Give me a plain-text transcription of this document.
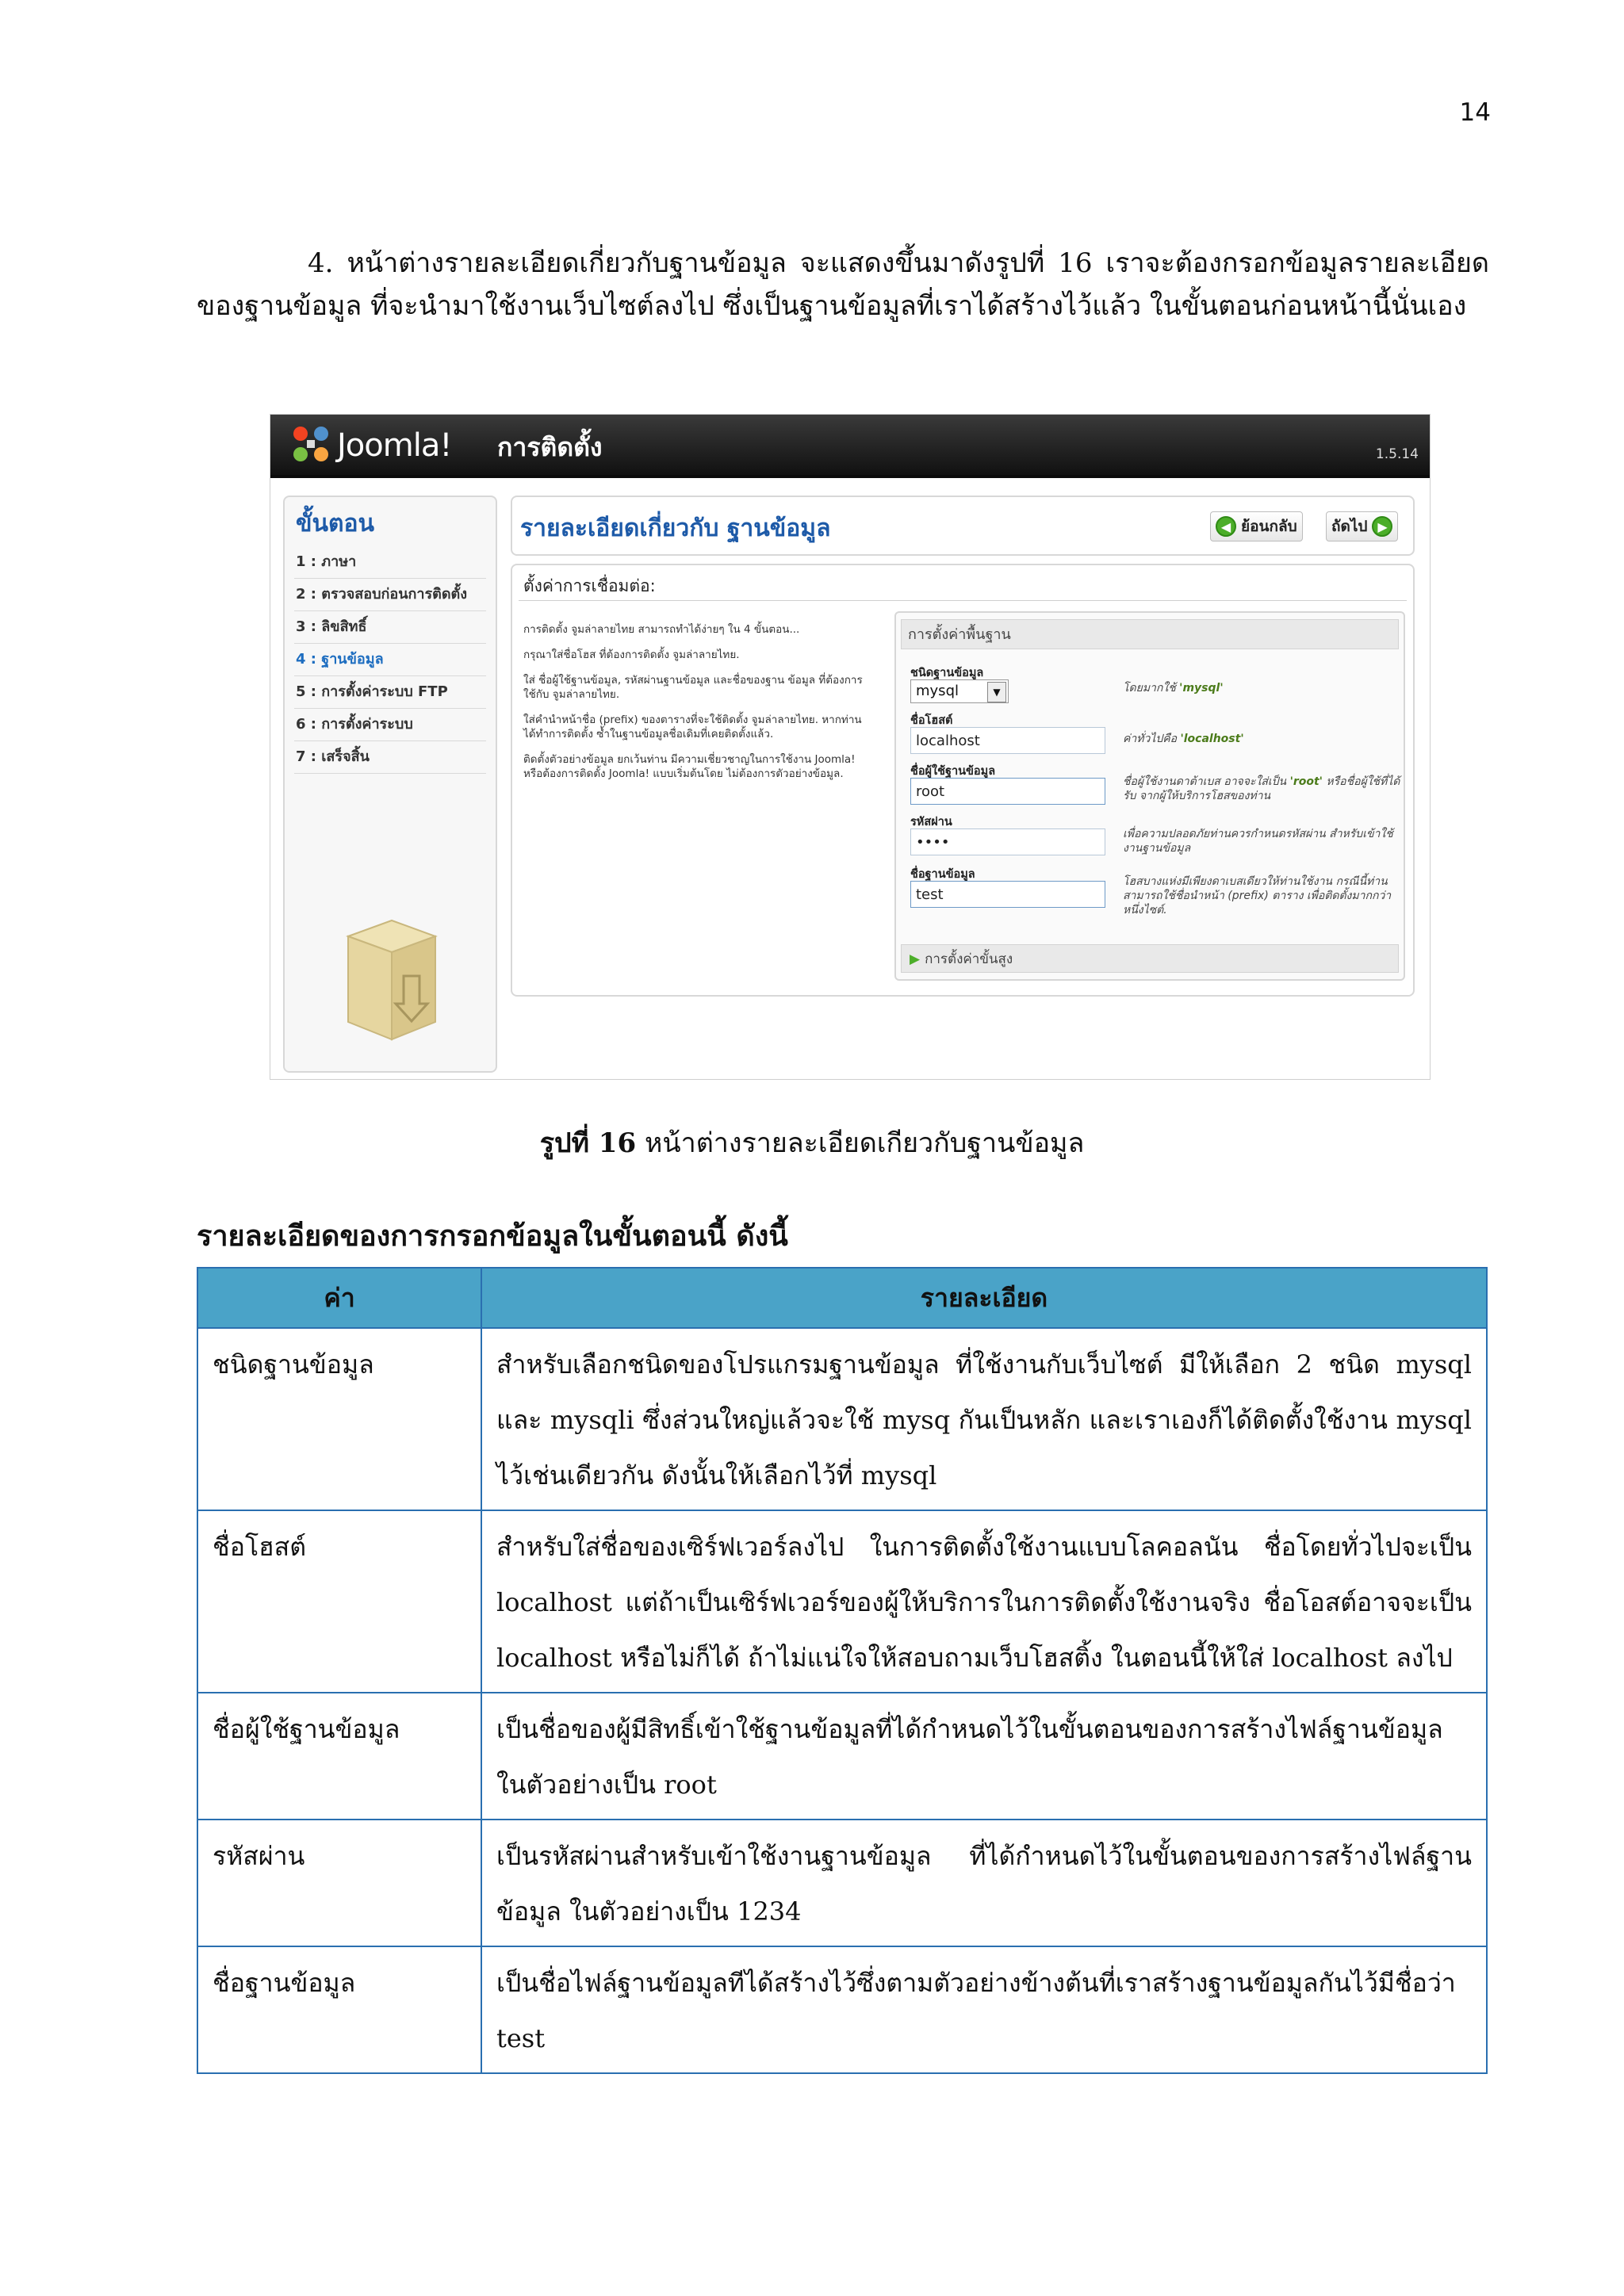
14

4. หน้าต่างรายละเอียดเกี่ยวกับฐานข้อมูล จะแสดงขึ้นมาดังรูปที่ 16 เราจะต้องกรอกข้อมูลรายละเอียดของฐานข้อมูล ที่จะนำมาใช้งานเว็บไซต์ลงไป ซึ่งเป็นฐานข้อมูลที่เราได้สร้างไว้แล้ว ในขั้นตอนก่อนหน้านี้นั่นเอง

Joomla! การติดตั้ง	1.5.14
ขั้นตอน
1 : ภาษา
2 : ตรวจสอบก่อนการติดตั้ง
3 : ลิขสิทธิ์
4 : ฐานข้อมูล
5 : การตั้งค่าระบบ FTP
6 : การตั้งค่าระบบ
7 : เสร็จสิ้น
รายละเอียดเกี่ยวกับ ฐานข้อมูล	◀ ย้อนกลับ ถัดไป ▶
ตั้งค่าการเชื่อมต่อ:

การติดตั้ง จูมล่าลายไทย สามารถทำได้ง่ายๆ ใน 4 ขั้นตอน...

กรุณาใส่ชื่อโฮส ที่ต้องการติดตั้ง จูมล่าลายไทย.

ใส่ ชื่อผู้ใช้ฐานข้อมูล, รหัสผ่านฐานข้อมูล และชื่อของฐาน ข้อมูล ที่ต้องการใช้กับ จูมล่าลายไทย.

ใส่คำนำหน้าชื่อ (prefix) ของตารางที่จะใช้ติดตั้ง จูมล่าลายไทย. หากท่านได้ทำการติดตั้ง ซ้ำในฐานข้อมูลชื่อเดิมที่เคยติดตั้งแล้ว.

ติดตั้งตัวอย่างข้อมูล ยกเว้นท่าน มีความเชี่ยวชาญในการใช้งาน Joomla! หรือต้องการติดตั้ง Joomla! แบบเริ่มต้นโดย ไม่ต้องการตัวอย่างข้อมูล.

การตั้งค่าพื้นฐาน
ชนิดฐานข้อมูล
mysql	▼	โดยมากใช้ 'mysql'
ชื่อโฮสต์
localhost	ค่าทั่วไปคือ 'localhost'
ชื่อผู้ใช้ฐานข้อมูล
root
ชื่อผู้ใช้งานดาต้าเบส อาจจะใส่เป็น 'root' หรือชื่อผู้ใช้ที่ได้รับ จากผู้ให้บริการโฮสของท่าน
รหัสผ่าน
••••	เพื่อความปลอดภัยท่านควรกำหนดรหัสผ่าน สำหรับเข้าใช้งานฐานข้อมูล
ชื่อฐานข้อมูล
test
โฮสบางแห่งมีเพียงดาเบสเดียวให้ท่านใช้งาน กรณีนี้ท่านสามารถใช้ชื่อนำหน้า (prefix) ตาราง เพื่อติดตั้งมากกว่าหนึ่งไซต์.
▶ การตั้งค่าขั้นสูง
รูปที่ 16 หน้าต่างรายละเอียดเกียวกับฐานข้อมูล
รายละเอียดของการกรอกข้อมูลในขั้นตอนนี้ ดังนี้
ค่า	รายละเอียด
ชนิดฐานข้อมูล	สำหรับเลือกชนิดของโปรแกรมฐานข้อมูล ที่ใช้งานกับเว็บไซต์ มีให้เลือก 2 ชนิด mysql และ mysqli ซึ่งส่วนใหญ่แล้วจะใช้ mysq กันเป็นหลัก และเราเองก็ได้ติดตั้งใช้งาน mysql ไว้เช่นเดียวกัน ดังนั้นให้เลือกไว้ที่ mysql
ชื่อโฮสต์	สำหรับใส่ชื่อของเซิร์ฟเวอร์ลงไป ในการติดตั้งใช้งานแบบโลคอลนัน ชื่อโดยทั่วไปจะเป็น localhost แต่ถ้าเป็นเซิร์ฟเวอร์ของผู้ให้บริการในการติดตั้งใช้งานจริง ชื่อโอสต์อาจจะเป็น localhost หรือไม่ก็ได้ ถ้าไม่แน่ใจให้สอบถามเว็บโฮสติ้ง ในตอนนี้ให้ใส่ localhost ลงไป
ชื่อผู้ใช้ฐานข้อมูล	เป็นชื่อของผู้มีสิทธิ์เข้าใช้ฐานข้อมูลที่ได้กำหนดไว้ในขั้นตอนของการสร้างไฟล์ฐานข้อมูล ในตัวอย่างเป็น root
รหัสผ่าน	เป็นรหัสผ่านสำหรับเข้าใช้งานฐานข้อมูล ที่ได้กำหนดไว้ในขั้นตอนของการสร้างไฟล์ฐานข้อมูล ในตัวอย่างเป็น 1234
ชื่อฐานข้อมูล	เป็นชื่อไฟล์ฐานข้อมูลทีได้สร้างไว้ซึ่งตามตัวอย่างข้างต้นที่เราสร้างฐานข้อมูลกันไว้มีชื่อว่า test
